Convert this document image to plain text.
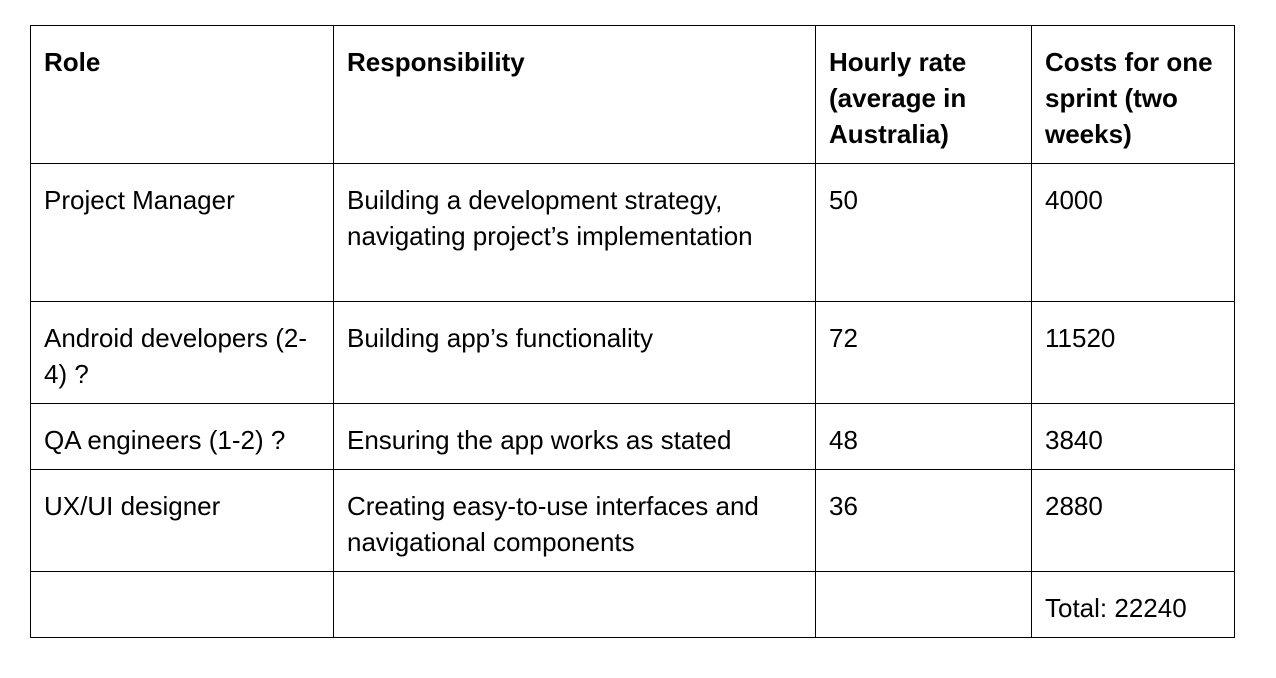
Role	Responsibility	Hourly rate (average in Australia)	Costs for one sprint (two weeks)
Project Manager	Building a development strategy, navigating project’s implementation	50	4000
Android developers (2-4) ?	Building app’s functionality	72	11520
QA engineers (1-2) ?	Ensuring the app works as stated	48	3840
UX/UI designer	Creating easy-to-use interfaces and navigational components	36	2880
			Total: 22240
